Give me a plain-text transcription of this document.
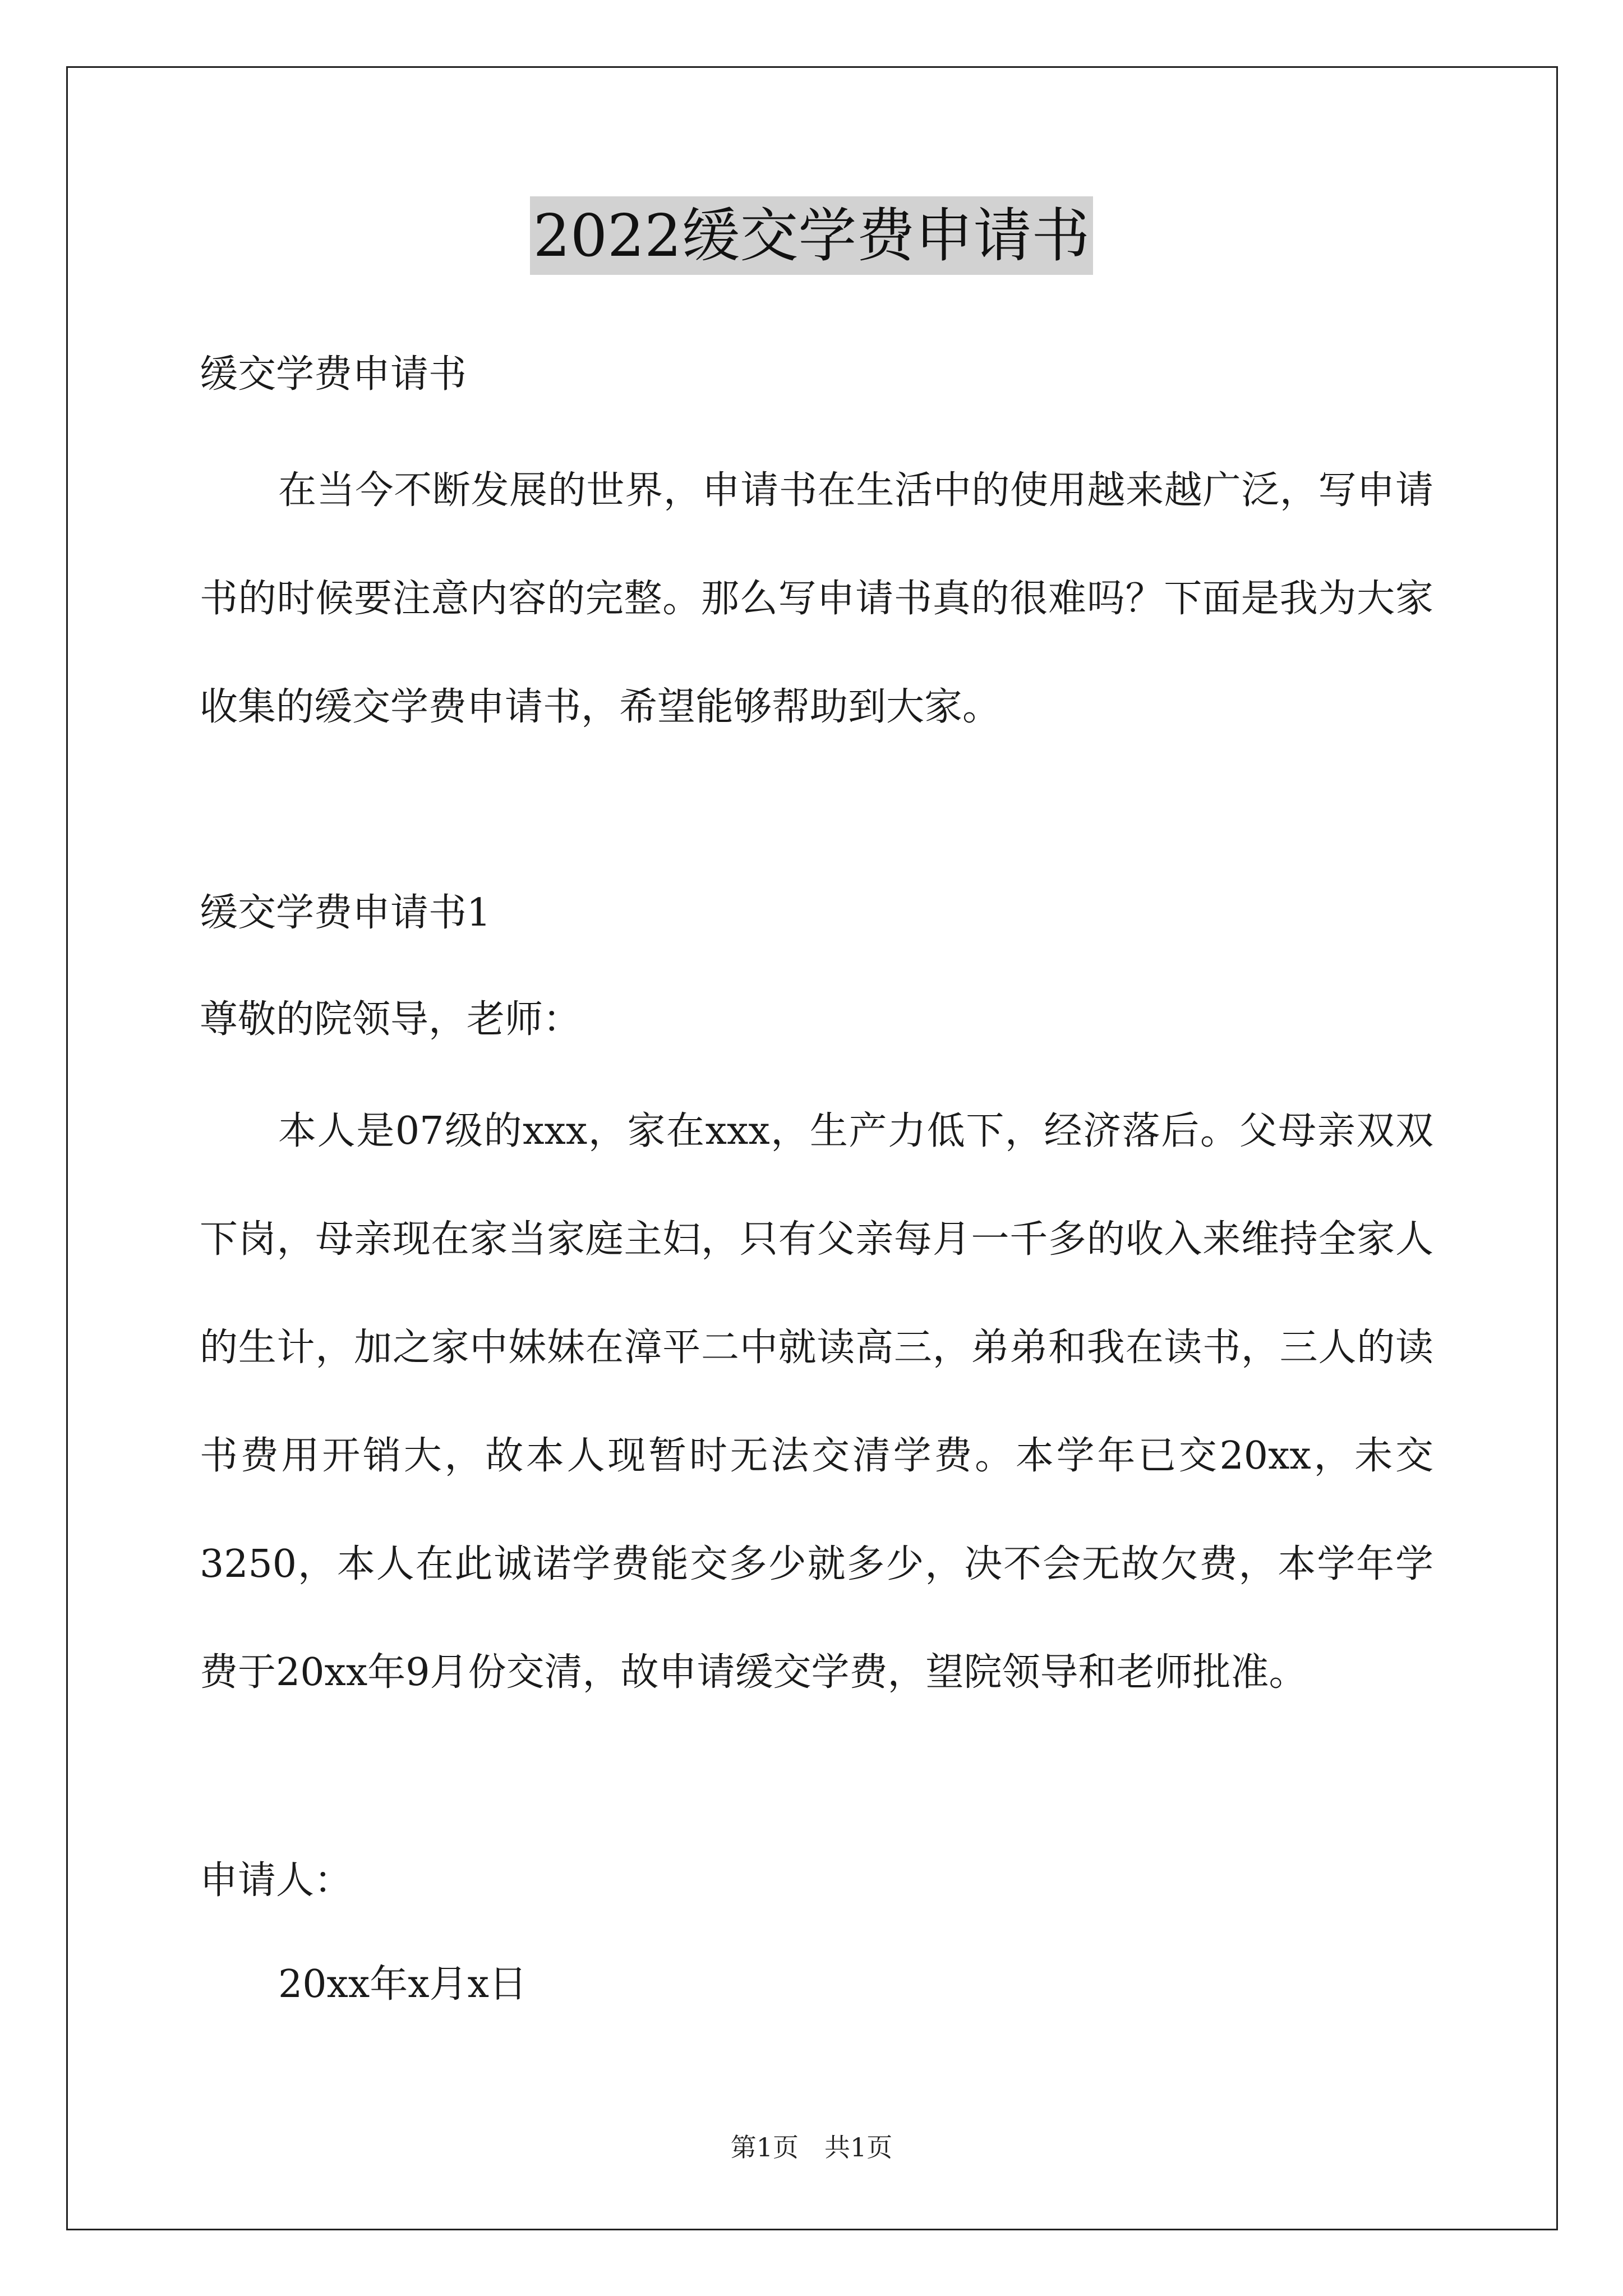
2022缓交学费申请书
缓交学费申请书
在当今不断发展的世界，申请书在生活中的使用越来越广泛，写申请书的时候要注意内容的完整。那么写申请书真的很难吗？下面是我为大家收集的缓交学费申请书，希望能够帮助到大家。
缓交学费申请书1
尊敬的院领导，老师：
本人是07级的xxx，家在xxx，生产力低下，经济落后。父母亲双双下岗，母亲现在家当家庭主妇，只有父亲每月一千多的收入来维持全家人的生计，加之家中妹妹在漳平二中就读高三，弟弟和我在读书，三人的读书费用开销大，故本人现暂时无法交清学费。本学年已交20xx，未交3250，本人在此诚诺学费能交多少就多少，决不会无故欠费，本学年学费于20xx年9月份交清，故申请缓交学费，望院领导和老师批准。
申请人：
20xx年x月x日
第1页　共1页
